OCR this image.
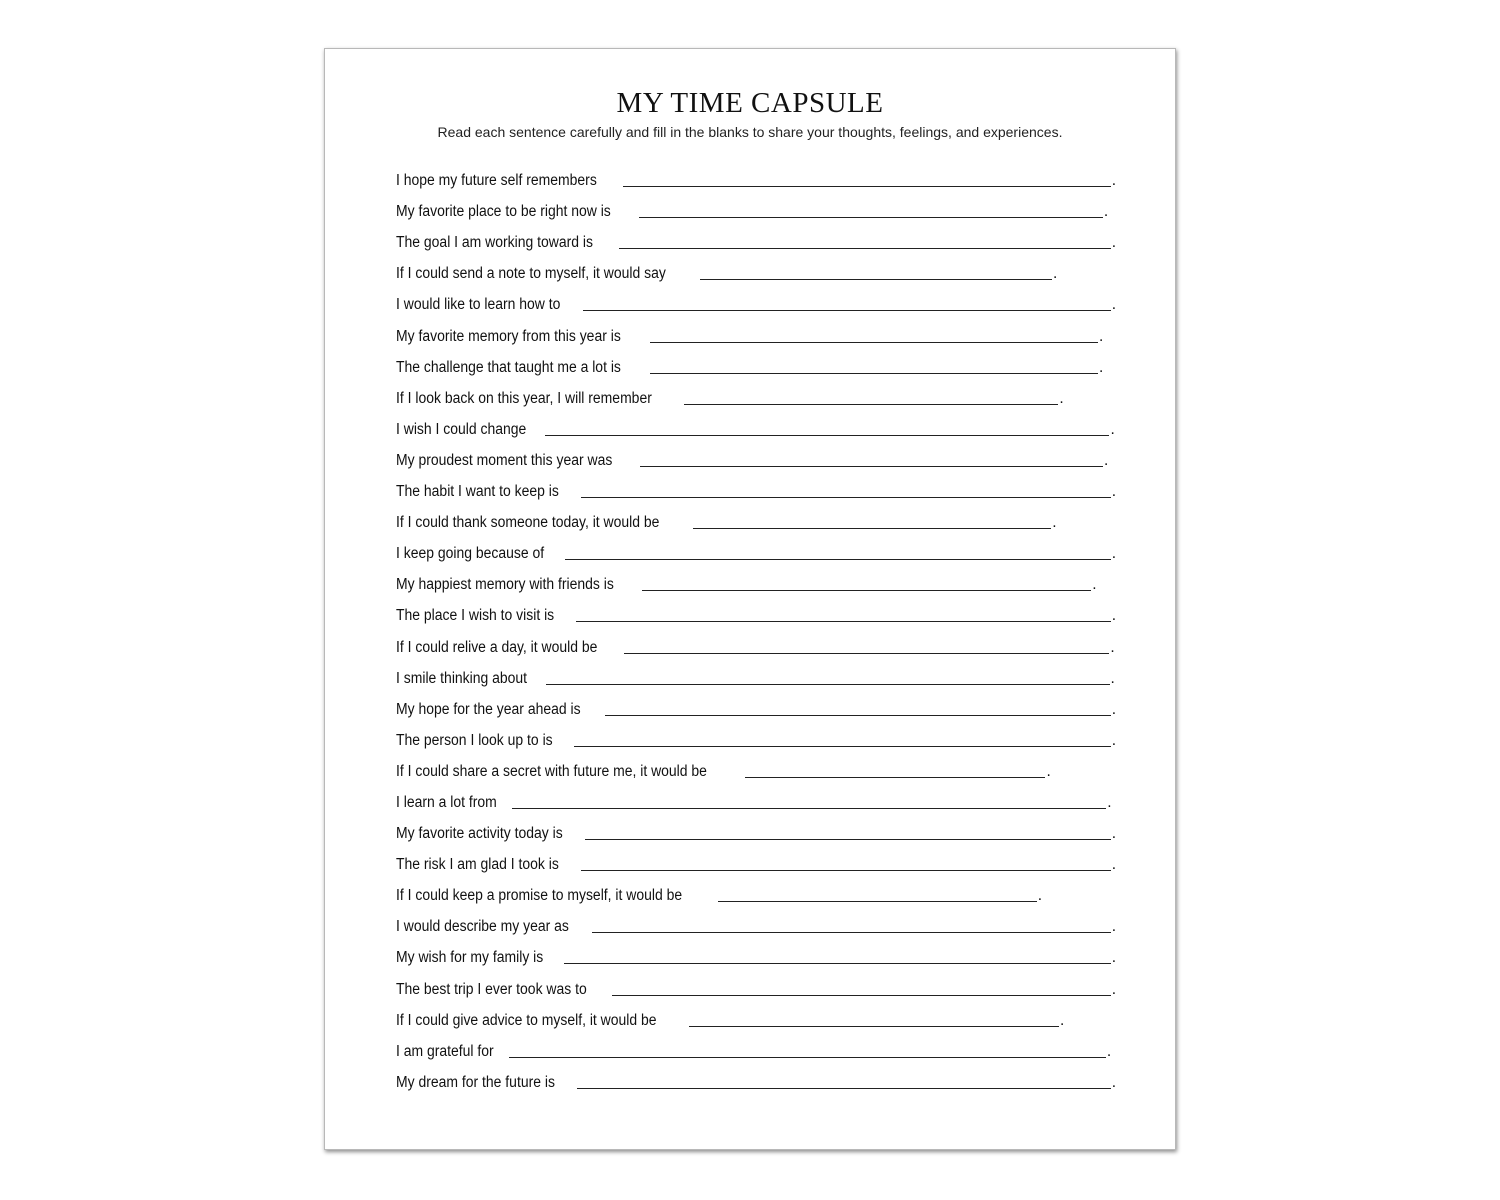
MY TIME CAPSULE
Read each sentence carefully and fill in the blanks to share your thoughts, feelings, and experiences.
I hope my future self remembers	.
My favorite place to be right now is	.
The goal I am working toward is	.
If I could send a note to myself, it would say	.
I would like to learn how to	.
My favorite memory from this year is	.
The challenge that taught me a lot is	.
If I look back on this year, I will remember	.
I wish I could change	.
My proudest moment this year was	.
The habit I want to keep is	.
If I could thank someone today, it would be	.
I keep going because of	.
My happiest memory with friends is	.
The place I wish to visit is	.
If I could relive a day, it would be	.
I smile thinking about	.
My hope for the year ahead is	.
The person I look up to is	.
If I could share a secret with future me, it would be	.
I learn a lot from	.
My favorite activity today is	.
The risk I am glad I took is	.
If I could keep a promise to myself, it would be	.
I would describe my year as	.
My wish for my family is	.
The best trip I ever took was to	.
If I could give advice to myself, it would be	.
I am grateful for	.
My dream for the future is	.
